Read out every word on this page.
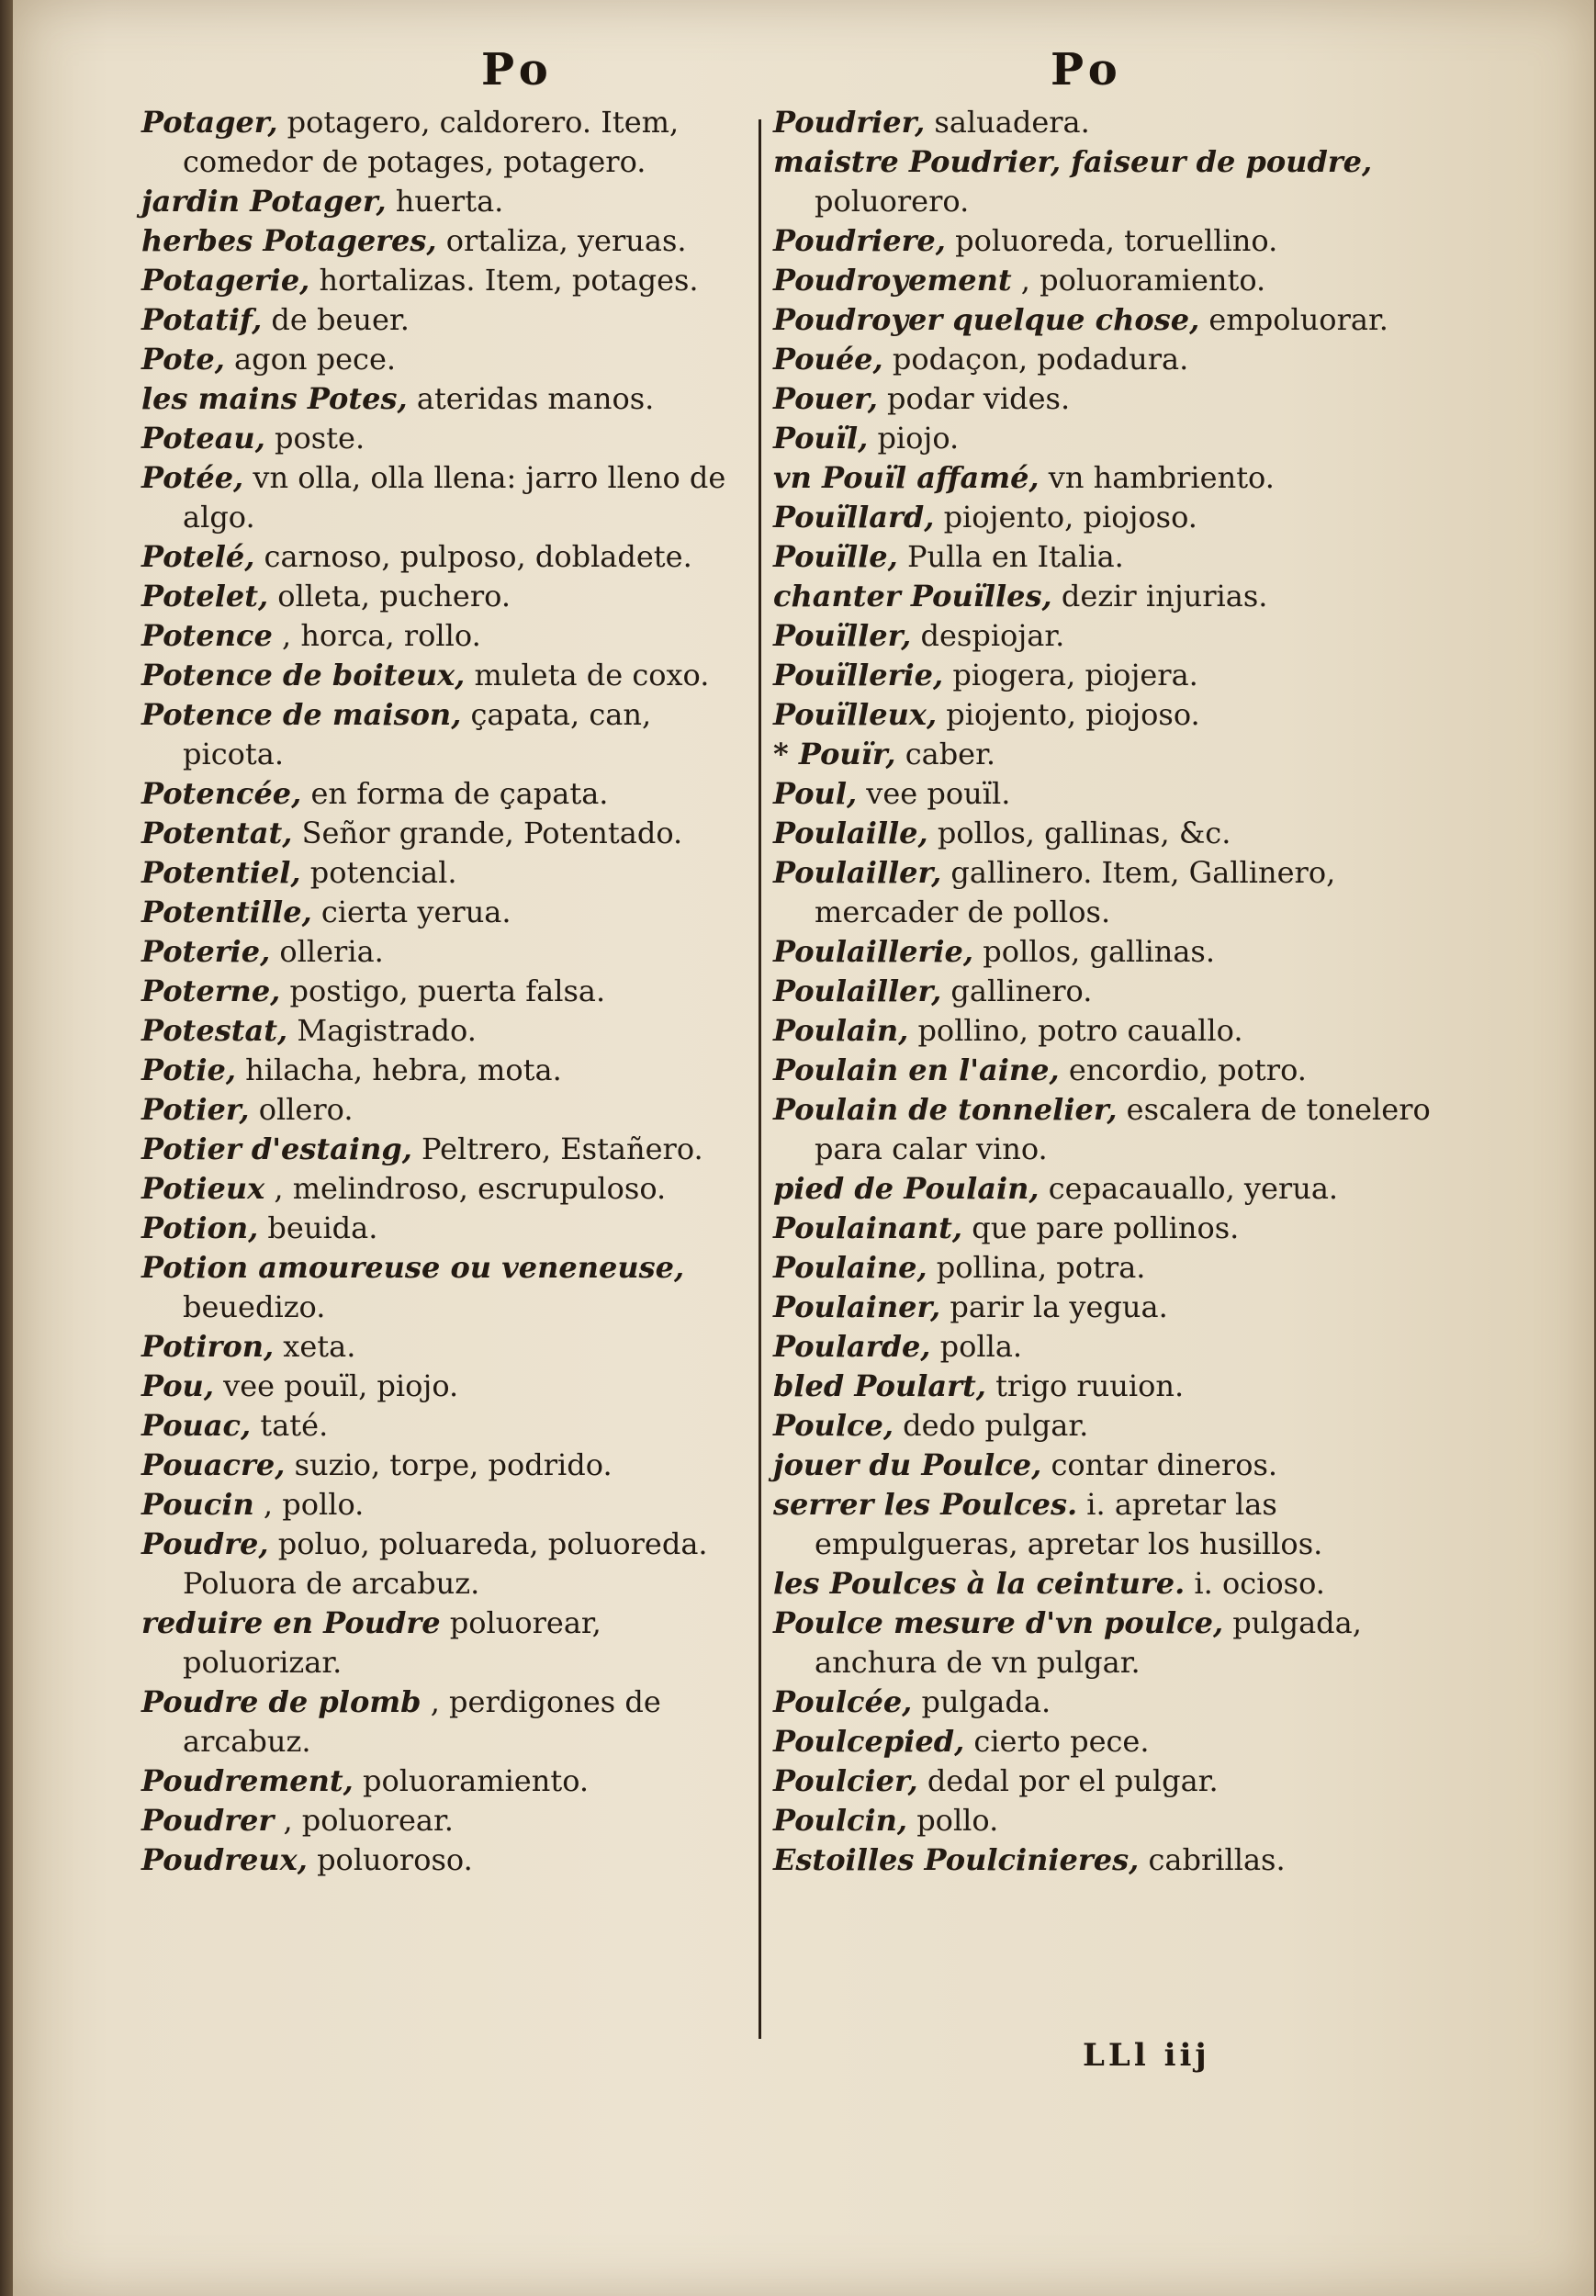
Po	Po
Potager, potagero, caldorero. Item, comedor de potages, potagero.
jardin Potager, huerta.
herbes Potageres, ortaliza, yeruas.
Potagerie, hortalizas. Item, potages.
Potatif, de beuer.
Pote, agon pece.
les mains Potes, ateridas manos.
Poteau, poste.
Potée, vn olla, olla llena: jarro lleno de algo.
Potelé, carnoso, pulposo, dobladete.
Potelet, olleta, puchero.
Potence , horca, rollo.
Potence de boiteux, muleta de coxo.
Potence de maison, çapata, can, picota.
Potencée, en forma de çapata.
Potentat, Señor grande, Potentado.
Potentiel, potencial.
Potentille, cierta yerua.
Poterie, olleria.
Poterne, postigo, puerta falsa.
Potestat, Magistrado.
Potie, hilacha, hebra, mota.
Potier, ollero.
Potier d'estaing, Peltrero, Estañero.
Potieux , melindroso, escrupuloso.
Potion, beuida.
Potion amoureuse ou veneneuse, beuedizo.
Potiron, xeta.
Pou, vee pouïl, piojo.
Pouac, taté.
Pouacre, suzio, torpe, podrido.
Poucin , pollo.
Poudre, poluo, poluareda, poluoreda. Poluora de arcabuz.
reduire en Poudre poluorear, poluorizar.
Poudre de plomb , perdigones de arcabuz.
Poudrement, poluoramiento.
Poudrer , poluorear.
Poudreux, poluoroso.
Poudrier, saluadera.
maistre Poudrier, faiseur de poudre, poluorero.
Poudriere, poluoreda, toruellino.
Poudroyement , poluoramiento.
Poudroyer quelque chose, empoluorar.
Pouée, podaçon, podadura.
Pouer, podar vides.
Pouïl, piojo.
vn Pouïl affamé, vn hambriento.
Pouïllard, piojento, piojoso.
Pouïlle, Pulla en Italia.
chanter Pouïlles, dezir injurias.
Pouïller, despiojar.
Pouïllerie, piogera, piojera.
Pouïlleux, piojento, piojoso.
* Pouïr, caber.
Poul, vee pouïl.
Poulaille, pollos, gallinas, &c.
Poulailler, gallinero. Item, Gallinero, mercader de pollos.
Poulaillerie, pollos, gallinas.
Poulailler, gallinero.
Poulain, pollino, potro cauallo.
Poulain en l'aine, encordio, potro.
Poulain de tonnelier, escalera de tonelero para calar vino.
pied de Poulain, cepacauallo, yerua.
Poulainant, que pare pollinos.
Poulaine, pollina, potra.
Poulainer, parir la yegua.
Poularde, polla.
bled Poulart, trigo ruuion.
Poulce, dedo pulgar.
jouer du Poulce, contar dineros.
serrer les Poulces. i. apretar las empulgueras, apretar los husillos.
les Poulces à la ceinture. i. ocioso.
Poulce mesure d'vn poulce, pulgada, anchura de vn pulgar.
Poulcée, pulgada.
Poulcepied, cierto pece.
Poulcier, dedal por el pulgar.
Poulcin, pollo.
Estoilles Poulcinieres, cabrillas.
LLl iij
